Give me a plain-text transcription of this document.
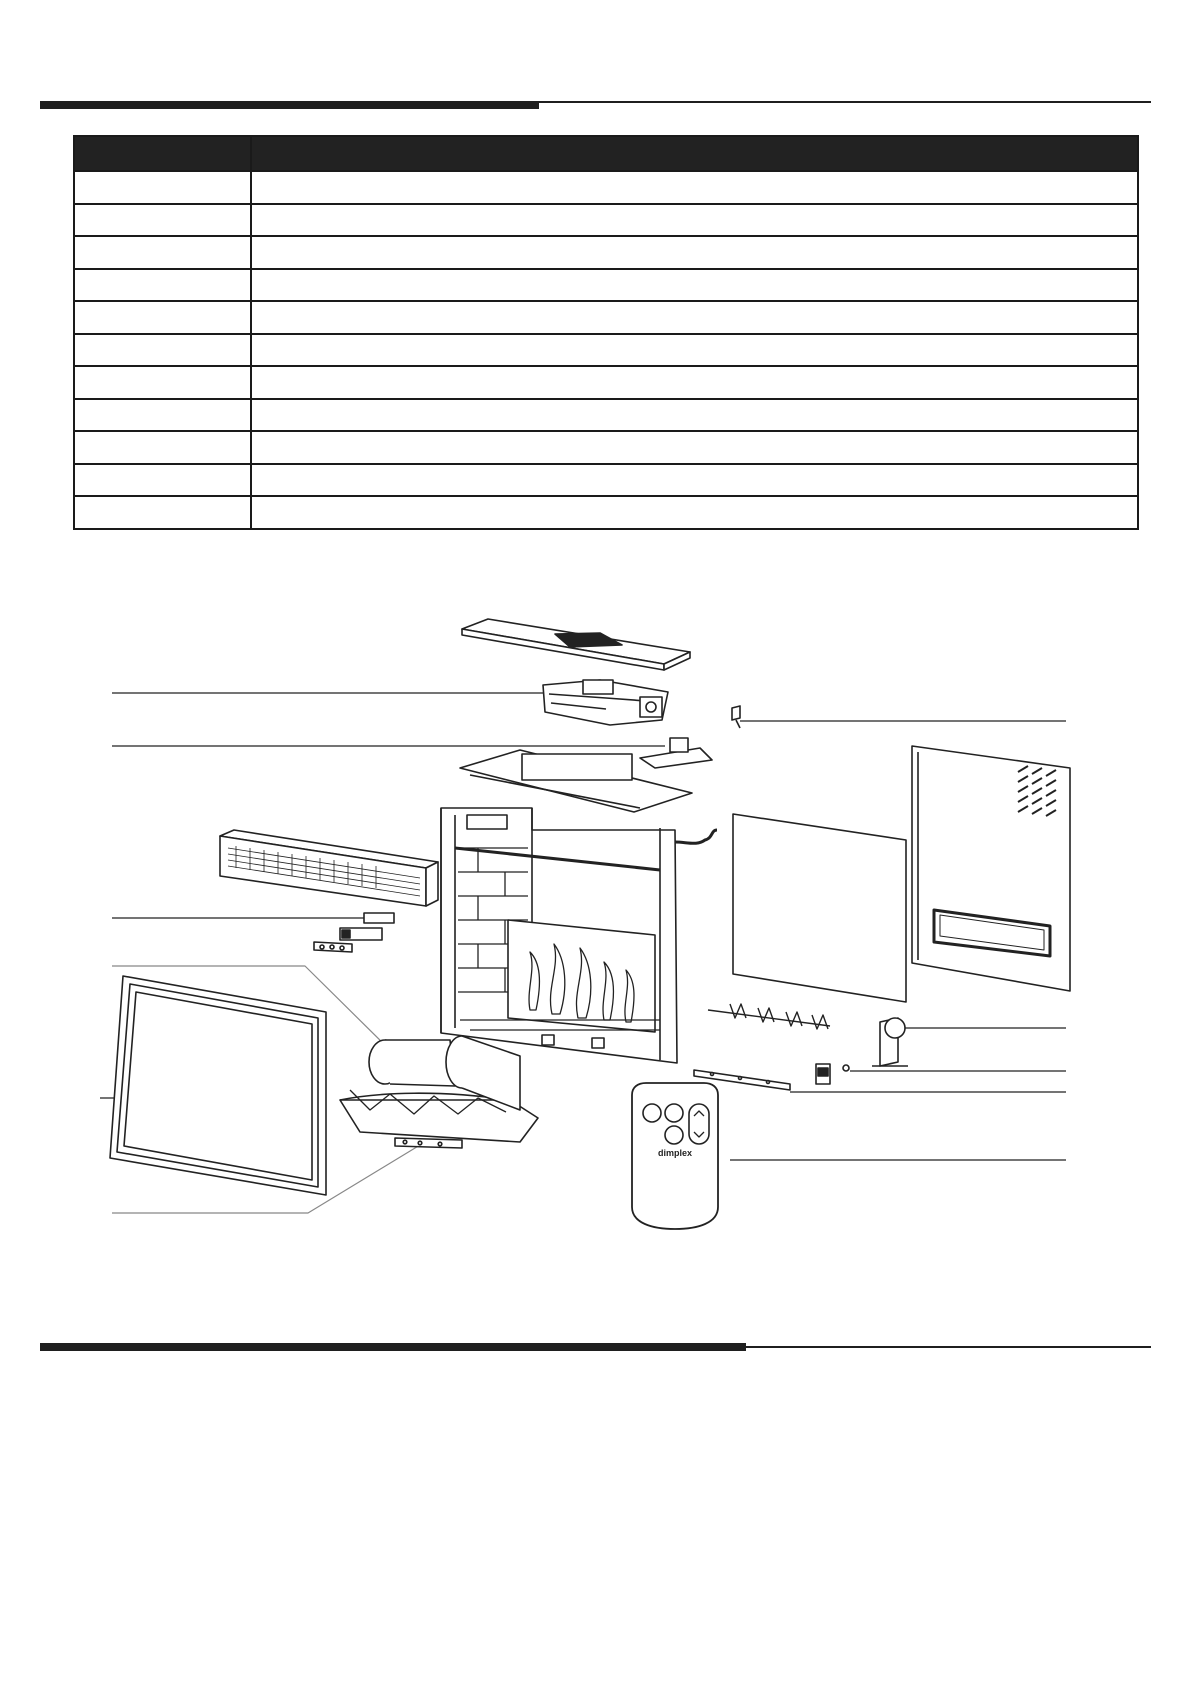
dimplex
